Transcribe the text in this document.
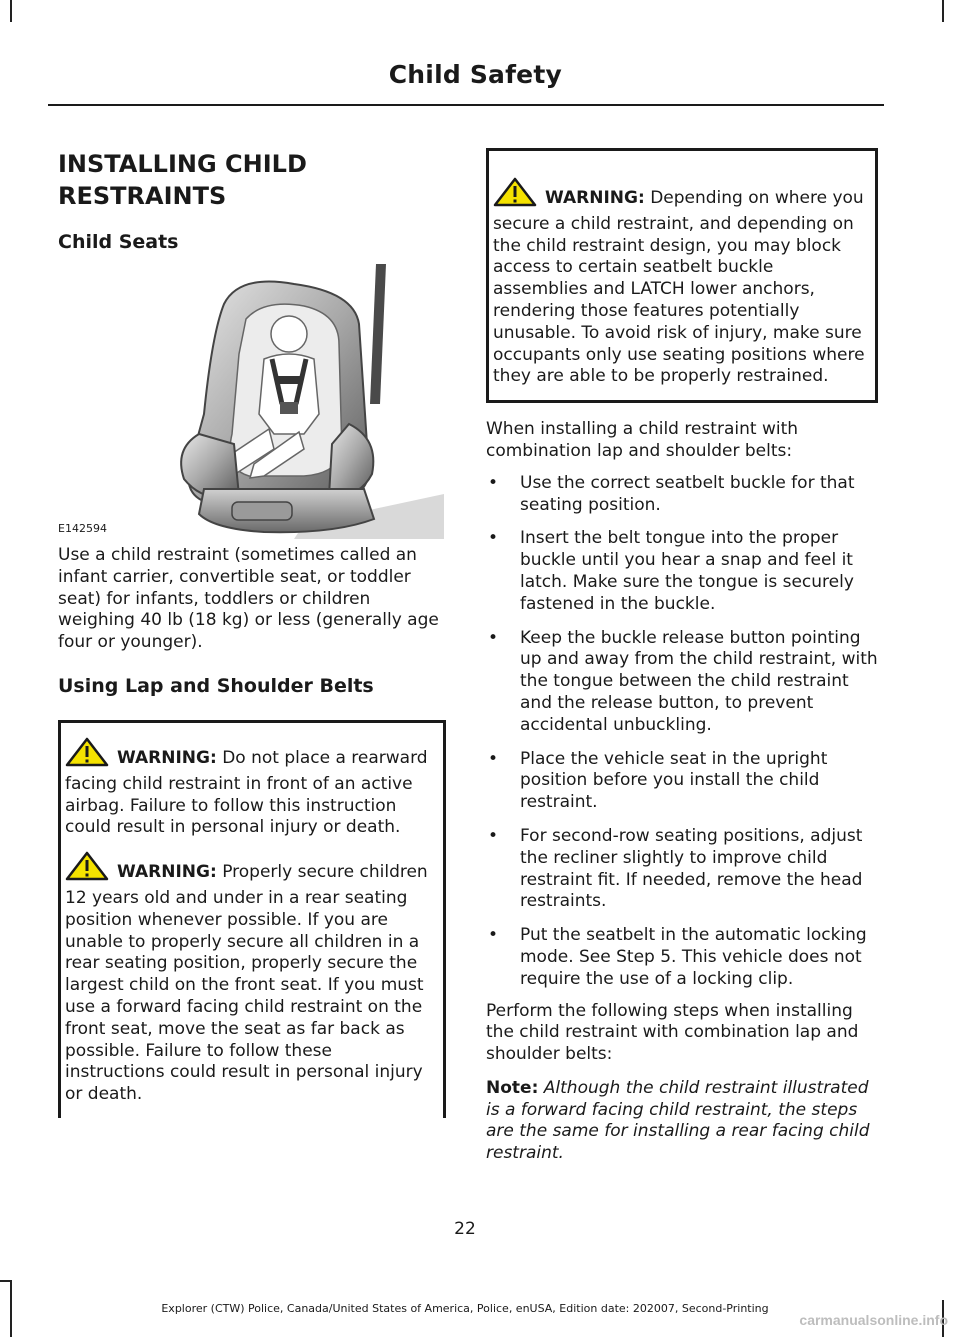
Child Safety
INSTALLING CHILD RESTRAINTS
Child Seats
E142594

Use a child restraint (sometimes called an infant carrier, convertible seat, or toddler seat) for infants, toddlers or children weighing 40 lb (18 kg) or less (generally age four or younger).

Using Lap and Shoulder Belts
WARNING: Do not place a rearward facing child restraint in front of an active airbag. Failure to follow this instruction could result in personal injury or death.
WARNING: Properly secure children 12 years old and under in a rear seating position whenever possible. If you are unable to properly secure all children in a rear seating position, properly secure the largest child on the front seat. If you must use a forward facing child restraint on the front seat, move the seat as far back as possible. Failure to follow these instructions could result in personal injury or death.
WARNING: Depending on where you secure a child restraint, and depending on the child restraint design, you may block access to certain seatbelt buckle assemblies and LATCH lower anchors, rendering those features potentially unusable. To avoid risk of injury, make sure occupants only use seating positions where they are able to be properly restrained.

When installing a child restraint with combination lap and shoulder belts:

• Use the correct seatbelt buckle for that seating position.
• Insert the belt tongue into the proper buckle until you hear a snap and feel it latch. Make sure the tongue is securely fastened in the buckle.
• Keep the buckle release button pointing up and away from the child restraint, with the tongue between the child restraint and the release button, to prevent accidental unbuckling.
• Place the vehicle seat in the upright position before you install the child restraint.
• For second-row seating positions, adjust the recliner slightly to improve child restraint fit. If needed, remove the head restraints.
• Put the seatbelt in the automatic locking mode. See Step 5. This vehicle does not require the use of a locking clip.

Perform the following steps when installing the child restraint with combination lap and shoulder belts:

Note: Although the child restraint illustrated is a forward facing child restraint, the steps are the same for installing a rear facing child restraint.

22
Explorer (CTW) Police, Canada/United States of America, Police, enUSA, Edition date: 202007, Second-Printing
carmanualsonline.info
